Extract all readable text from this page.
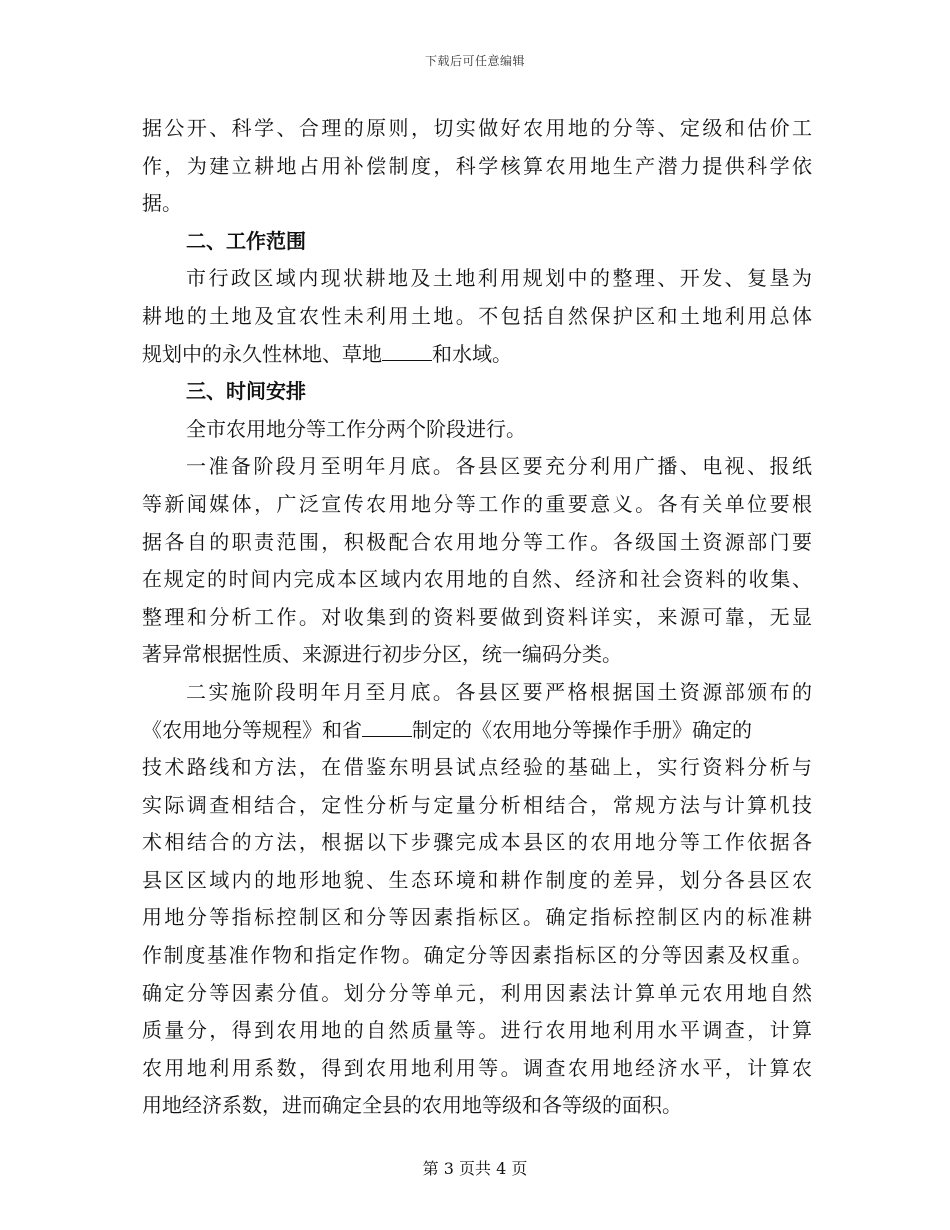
下载后可任意编辑
据公开、科学、合理的原则，切实做好农用地的分等、定级和估价工
作，为建立耕地占用补偿制度，科学核算农用地生产潜力提供科学依
据。
二、工作范围
市行政区域内现状耕地及土地利用规划中的整理、开发、复垦为
耕地的土地及宜农性未利用土地。不包括自然保护区和土地利用总体
规划中的永久性林地、草地	和水域。
三、时间安排
全市农用地分等工作分两个阶段进行。
一准备阶段月至明年月底。各县区要充分利用广播、电视、报纸
等新闻媒体，广泛宣传农用地分等工作的重要意义。各有关单位要根
据各自的职责范围，积极配合农用地分等工作。各级国土资源部门要
在规定的时间内完成本区域内农用地的自然、经济和社会资料的收集、
整理和分析工作。对收集到的资料要做到资料详实，来源可靠，无显
著异常根据性质、来源进行初步分区，统一编码分类。
二实施阶段明年月至月底。各县区要严格根据国土资源部颁布的
《农用地分等规程》和省	制定的《农用地分等操作手册》确定的
技术路线和方法，在借鉴东明县试点经验的基础上，实行资料分析与
实际调查相结合，定性分析与定量分析相结合，常规方法与计算机技
术相结合的方法，根据以下步骤完成本县区的农用地分等工作依据各
县区区域内的地形地貌、生态环境和耕作制度的差异，划分各县区农
用地分等指标控制区和分等因素指标区。确定指标控制区内的标准耕
作制度基准作物和指定作物。确定分等因素指标区的分等因素及权重。
确定分等因素分值。划分分等单元，利用因素法计算单元农用地自然
质量分，得到农用地的自然质量等。进行农用地利用水平调查，计算
农用地利用系数，得到农用地利用等。调查农用地经济水平，计算农
用地经济系数，进而确定全县的农用地等级和各等级的面积。
第 3 页共 4 页
